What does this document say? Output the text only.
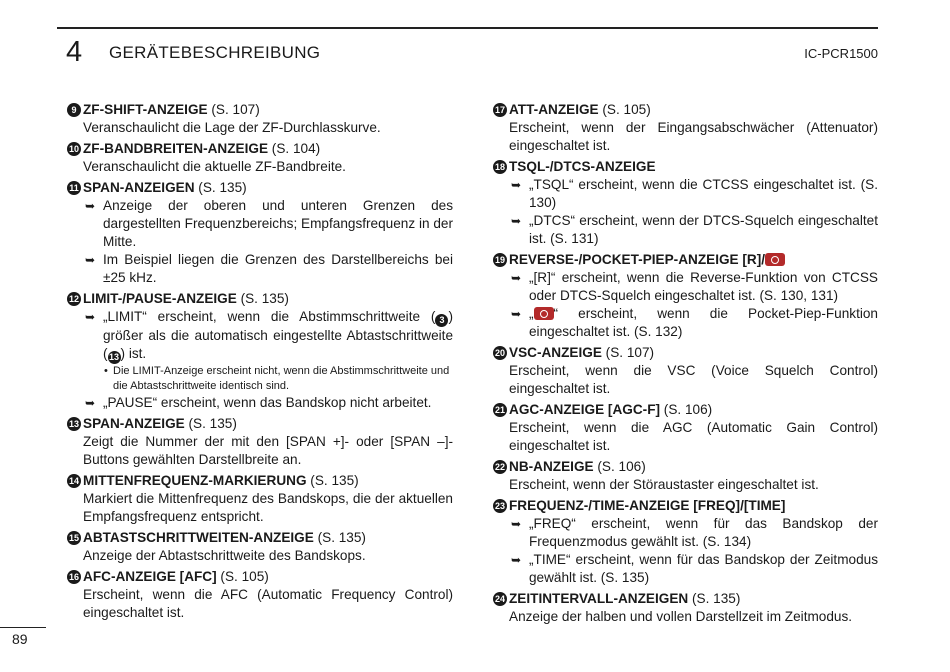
4 GERÄTEBESCHREIBUNG	IC-PCR1500
9 ZF-SHIFT-ANZEIGE (S. 107)
Veranschaulicht die Lage der ZF-Durchlasskurve.
10 ZF-BANDBREITEN-ANZEIGE (S. 104)
Veranschaulicht die aktuelle ZF-Bandbreite.
11 SPAN-ANZEIGEN (S. 135)
➥ Anzeige der oberen und unteren Grenzen des dargestellten Frequenzbereichs; Empfangsfrequenz in der Mitte.
➥ Im Beispiel liegen die Grenzen des Darstellbereichs bei ±25 kHz.
12 LIMIT-/PAUSE-ANZEIGE (S. 135)
➥ „LIMIT“ erscheint, wenn die Abstimmschrittweite ( 3 ) größer als die automatisch eingestellte Abtastschrittweite (13 ) ist.
• Die LIMIT-Anzeige erscheint nicht, wenn die Abstimmschrittweite und die Abtastschrittweite identisch sind.
➥ „PAUSE“ erscheint, wenn das Bandskop nicht arbeitet.
13 SPAN-ANZEIGE (S. 135)
Zeigt die Nummer der mit den [SPAN +]- oder [SPAN –]-Buttons gewählten Darstellbreite an.
14 MITTENFREQUENZ-MARKIERUNG (S. 135)
Markiert die Mittenfrequenz des Bandskops, die der aktuellen Empfangsfrequenz entspricht.
15 ABTASTSCHRITTWEITEN-ANZEIGE (S. 135)
Anzeige der Abtastschrittweite des Bandskops.
16 AFC-ANZEIGE [AFC] (S. 105)
Erscheint, wenn die AFC (Automatic Frequency Control) eingeschaltet ist.
17 ATT-ANZEIGE (S. 105)
Erscheint, wenn der Eingangsabschwächer (Attenuator) eingeschaltet ist.
18 TSQL-/DTCS-ANZEIGE
➥ „TSQL“ erscheint, wenn die CTCSS eingeschaltet ist. (S. 130)
➥ „DTCS“ erscheint, wenn der DTCS-Squelch eingeschaltet ist. (S. 131)
19 REVERSE-/POCKET-PIEP-ANZEIGE [R]/
➥ „[R]“ erscheint, wenn die Reverse-Funktion von CTCSS oder DTCS-Squelch eingeschaltet ist. (S. 130, 131)
➥ „ “ erscheint, wenn die Pocket-Piep-Funktion eingeschaltet ist. (S. 132)
20 VSC-ANZEIGE (S. 107)
Erscheint, wenn die VSC (Voice Squelch Control) eingeschaltet ist.
21 AGC-ANZEIGE [AGC-F] (S. 106)
Erscheint, wenn die AGC (Automatic Gain Control) eingeschaltet ist.
22 NB-ANZEIGE (S. 106)
Erscheint, wenn der Störaustaster eingeschaltet ist.
23 FREQUENZ-/TIME-ANZEIGE [FREQ]/[TIME]
➥ „FREQ“ erscheint, wenn für das Bandskop der Frequenzmodus gewählt ist. (S. 134)
➥ „TIME“ erscheint, wenn für das Bandskop der Zeitmodus gewählt ist. (S. 135)
24 ZEITINTERVALL-ANZEIGEN (S. 135)
Anzeige der halben und vollen Darstellzeit im Zeitmodus.
89
